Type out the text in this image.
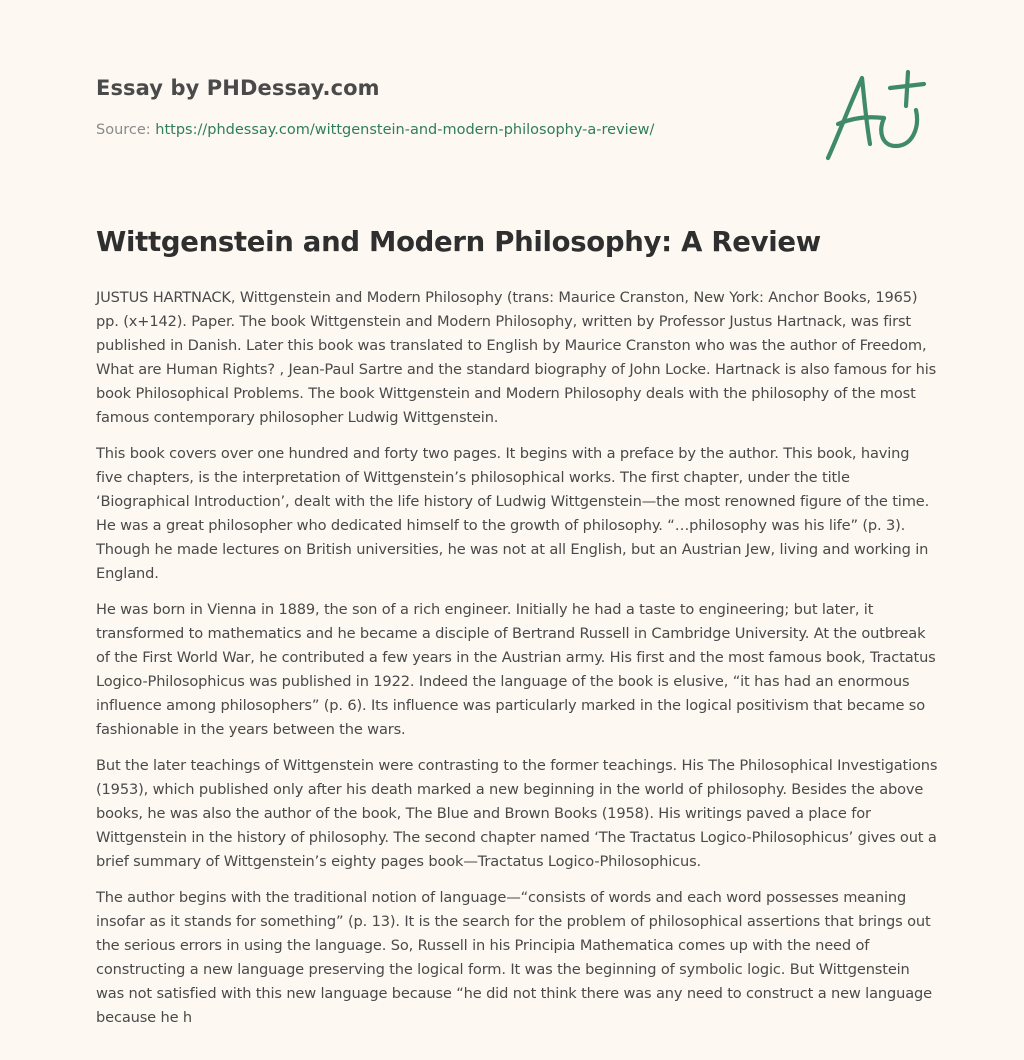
Essay by PHDessay.com
Source: https://phdessay.com/wittgenstein-and-modern-philosophy-a-review/
Wittgenstein and Modern Philosophy: A Review

JUSTUS HARTNACK, Wittgenstein and Modern Philosophy (trans: Maurice Cranston, New York: Anchor Books, 1965) pp. (x+142). Paper. The book Wittgenstein and Modern Philosophy, written by Professor Justus Hartnack, was first published in Danish. Later this book was translated to English by Maurice Cranston who was the author of Freedom, What are Human Rights? , Jean-Paul Sartre and the standard biography of John Locke. Hartnack is also famous for his book Philosophical Problems. The book Wittgenstein and Modern Philosophy deals with the philosophy of the most famous contemporary philosopher Ludwig Wittgenstein.

This book covers over one hundred and forty two pages. It begins with a preface by the author. This book, having five chapters, is the interpretation of Wittgenstein’s philosophical works. The first chapter, under the title ‘Biographical Introduction’, dealt with the life history of Ludwig Wittgenstein—the most renowned figure of the time. He was a great philosopher who dedicated himself to the growth of philosophy. “…philosophy was his life” (p. 3). Though he made lectures on British universities, he was not at all English, but an Austrian Jew, living and working in England.

He was born in Vienna in 1889, the son of a rich engineer. Initially he had a taste to engineering; but later, it transformed to mathematics and he became a disciple of Bertrand Russell in Cambridge University. At the outbreak of the First World War, he contributed a few years in the Austrian army. His first and the most famous book, Tractatus Logico-Philosophicus was published in 1922. Indeed the language of the book is elusive, “it has had an enormous influence among philosophers” (p. 6). Its influence was particularly marked in the logical positivism that became so fashionable in the years between the wars.

But the later teachings of Wittgenstein were contrasting to the former teachings. His The Philosophical Investigations (1953), which published only after his death marked a new beginning in the world of philosophy. Besides the above books, he was also the author of the book, The Blue and Brown Books (1958). His writings paved a place for Wittgenstein in the history of philosophy. The second chapter named ‘The Tractatus Logico-Philosophicus’ gives out a brief summary of Wittgenstein’s eighty pages book—Tractatus Logico-Philosophicus.

The author begins with the traditional notion of language—“consists of words and each word possesses meaning insofar as it stands for something” (p. 13). It is the search for the problem of philosophical assertions that brings out the serious errors in using the language. So, Russell in his Principia Mathematica comes up with the need of constructing a new language preserving the logical form. It was the beginning of symbolic logic. But Wittgenstein was not satisfied with this new language because “he did not think there was any need to construct a new language because he h
